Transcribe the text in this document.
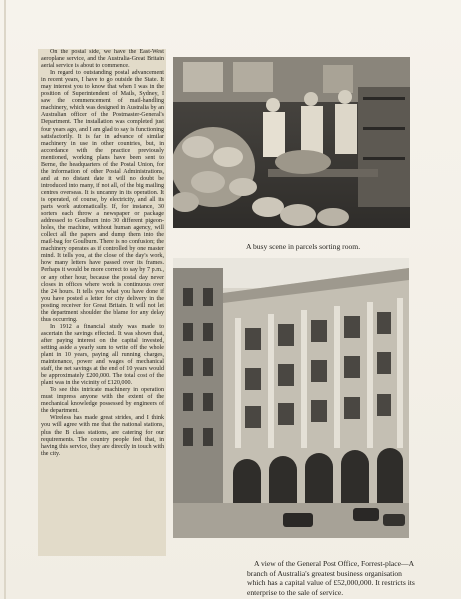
On the postal side, we have the East-West aeroplane service, and the Australia-Great Britain aerial service is about to commence.

In regard to outstanding postal advancement in recent years, I have to go outside the State. It may interest you to know that when I was in the position of Superintendent of Mails, Sydney, I saw the commencement of mail-handling machinery, which was designed in Australia by an Australian officer of the Postmaster-General's Department. The installation was completed just four years ago, and I am glad to say is functioning satisfactorily. It is far in advance of similar machinery in use in other countries, but, in accordance with the practice previously mentioned, working plans have been sent to Berne, the headquarters of the Postal Union, for the information of other Postal Administrations, and at no distant date it will no doubt be introduced into many, if not all, of the big mailing centres overseas. It is uncanny in its operation. It is operated, of course, by electricity, and all its parts work automatically. If, for instance, 30 sorters each throw a newspaper or package addressed to Goulburn into 30 different pigeon-holes, the machine, without human agency, will collect all the papers and dump them into the mail-bag for Goulburn. There is no confusion; the machinery operates as if controlled by one master mind. It tells you, at the close of the day's work, how many letters have passed over its frames. Perhaps it would be more correct to say by 7 p.m., or any other hour, because the postal day never closes in offices where work is continuous over the 24 hours. It tells you what you have done if you have posted a letter for city delivery in the posting receiver for Great Britain. It will not let the department shoulder the blame for any delay thus occurring.

In 1912 a financial study was made to ascertain the savings effected. It was shown that, after paying interest on the capital invested, setting aside a yearly sum to write off the whole plant in 10 years, paying all running charges, maintenance, power and wages of mechanical staff, the net savings at the end of 10 years would be approximately £200,000. The total cost of the plant was in the vicinity of £120,000.

To see this intricate machinery in operation must impress anyone with the extent of the mechanical knowledge possessed by engineers of the department.

Wireless has made great strides, and I think you will agree with me that the national stations, plus the B class stations, are catering for our requirements. The country people feel that, in having this service, they are directly in touch with the city.

A busy scene in parcels sorting room.
A view of the General Post Office, Forrest-place—A branch of Australia's greatest business organisation which has a capital value of £52,000,000. It restricts its enterprise to the sale of service.
